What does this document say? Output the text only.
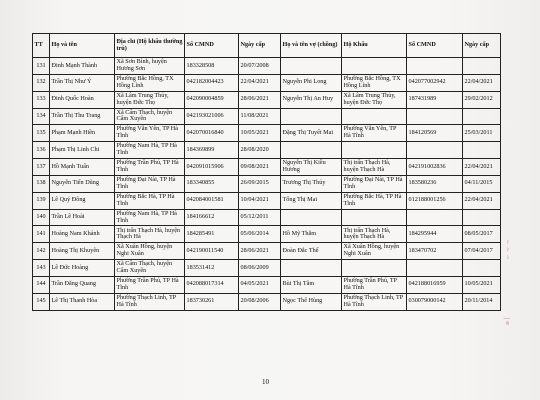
TT	Họ và tên	Địa chỉ (Hộ khẩu thường trú)	Số CMND	Ngày cấp	Họ và tên vợ (chồng)	Hộ Khẩu	Số CMND	Ngày cấp
131	Đinh Mạnh Thành	Xã Sơn Bình, huyện Hương Sơn	183328508	20/07/2008				
132	Trần Thị Như Ý	Phường Bắc Hồng, TX Hồng Lĩnh	042182004423	22/04/2021	Nguyễn Phi Long	Phường Bắc Hồng, TX Hồng Lĩnh	042077002942	22/04/2021
133	Đinh Quốc Hoàn	Xã Lâm Trung Thủy, huyện Đức Thọ	042090004859	28/06/2021	Nguyễn Thị An Huy	Xã Lâm Trung Thủy, huyện Đức Thọ	187431989	29/02/2012
134	Trần Thị Thu Trang	Xã Cẩm Thạch, huyện Cẩm Xuyên	042193021006	11/08/2021				
135	Phạm Mạnh Hiền	Phường Văn Yên, TP Hà Tĩnh	042070016840	10/05/2021	Đặng Thị Tuyết Mai	Phường Văn Yên, TP Hà Tĩnh	184120569	25/03/2011
136	Phạm Thị Linh Chi	Phường Nam Hà, TP Hà Tĩnh	184369899	28/08/2020				
137	Hồ Mạnh Tuấn	Phường Trần Phú, TP Hà Tĩnh	042091015906	09/08/2021	Nguyễn Thị Kiều Hương	Thị trấn Thạch Hà, huyện Thạch Hà	042191002836	22/04/2021
138	Nguyễn Tiến Dũng	Phường Đại Nài, TP Hà Tĩnh	183340855	26/09/2015	Trương Thị Thủy	Phường Đại Nài, TP Hà Tĩnh	183580236	04/11/2015
139	Lê Quý Đông	Phường Bắc Hà, TP Hà Tĩnh	042084001581	10/04/2021	Tống Thị Mai	Phường Bắc Hà, TP Hà Tĩnh	012188001256	22/04/2021
140	Trần Lê Hoài	Phường Nam Hà, TP Hà Tĩnh	184166612	05/12/2011				
141	Hoàng Nam Khánh	Thị trấn Thạch Hà, huyện Thạch Hà	184285491	05/06/2014	Hồ Mỹ Thắm	Thị trấn Thạch Hà, huyện Thạch Hà	184295944	08/05/2017
142	Hoàng Thị Khuyên	Xã Xuân Hồng, huyện Nghi Xuân	042190011540	28/06/2021	Đoàn Đắc Thế	Xã Xuân Hồng, huyện Nghi Xuân	183470702	07/04/2017
143	Lê Đức Hoàng	Xã Cẩm Thạch, huyện Cẩm Xuyên	183531412	08/06/2009				
144	Trần Đăng Quang	Phường Trần Phú, TP Hà Tĩnh	042088017314	04/05/2021	Bùi Thị Tâm	Phường Trần Phú, TP Hà Tĩnh	042188016959	10/05/2021
145	Lê Thị Thanh Hòa	Phường Thạch Linh, TP Hà Tĩnh	183730261	20/08/2006	Ngọc Thế Hùng	Phường Thạch Linh, TP Hà Tĩnh	030079000142	20/11/2014
10
~ ~ ~
| ≡
